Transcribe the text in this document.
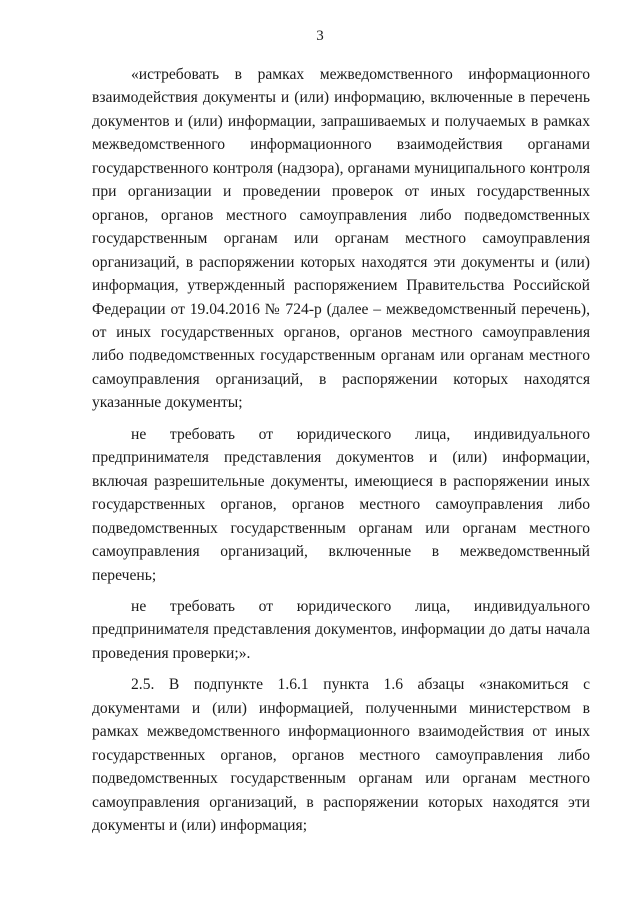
3

«истребовать в рамках межведомственного информационного взаимодействия документы и (или) информацию, включенные в перечень документов и (или) информации, запрашиваемых и получаемых в рамках межведомственного информационного взаимодействия органами государственного контроля (надзора), органами муниципального контроля при организации и проведении проверок от иных государственных органов, органов местного самоуправления либо подведомственных государственным органам или органам местного самоуправления организаций, в распоряжении которых находятся эти документы и (или) информация, утвержденный распоряжением Правительства Российской Федерации от 19.04.2016 № 724-р (далее – межведомственный перечень), от иных государственных органов, органов местного самоуправления либо подведомственных государственным органам или органам местного самоуправления организаций, в распоряжении которых находятся указанные документы;

не требовать от юридического лица, индивидуального предпринимателя представления документов и (или) информации, включая разрешительные документы, имеющиеся в распоряжении иных государственных органов, органов местного самоуправления либо подведомственных государственным органам или органам местного самоуправления организаций, включенные в межведомственный перечень;

не требовать от юридического лица, индивидуального предпринимателя представления документов, информации до даты начала проведения проверки;».

2.5. В подпункте 1.6.1 пункта 1.6 абзацы «знакомиться с документами и (или) информацией, полученными министерством в рамках межведомственного информационного взаимодействия от иных государственных органов, органов местного самоуправления либо подведомственных государственным органам или органам местного самоуправления организаций, в распоряжении которых находятся эти документы и (или) информация;
